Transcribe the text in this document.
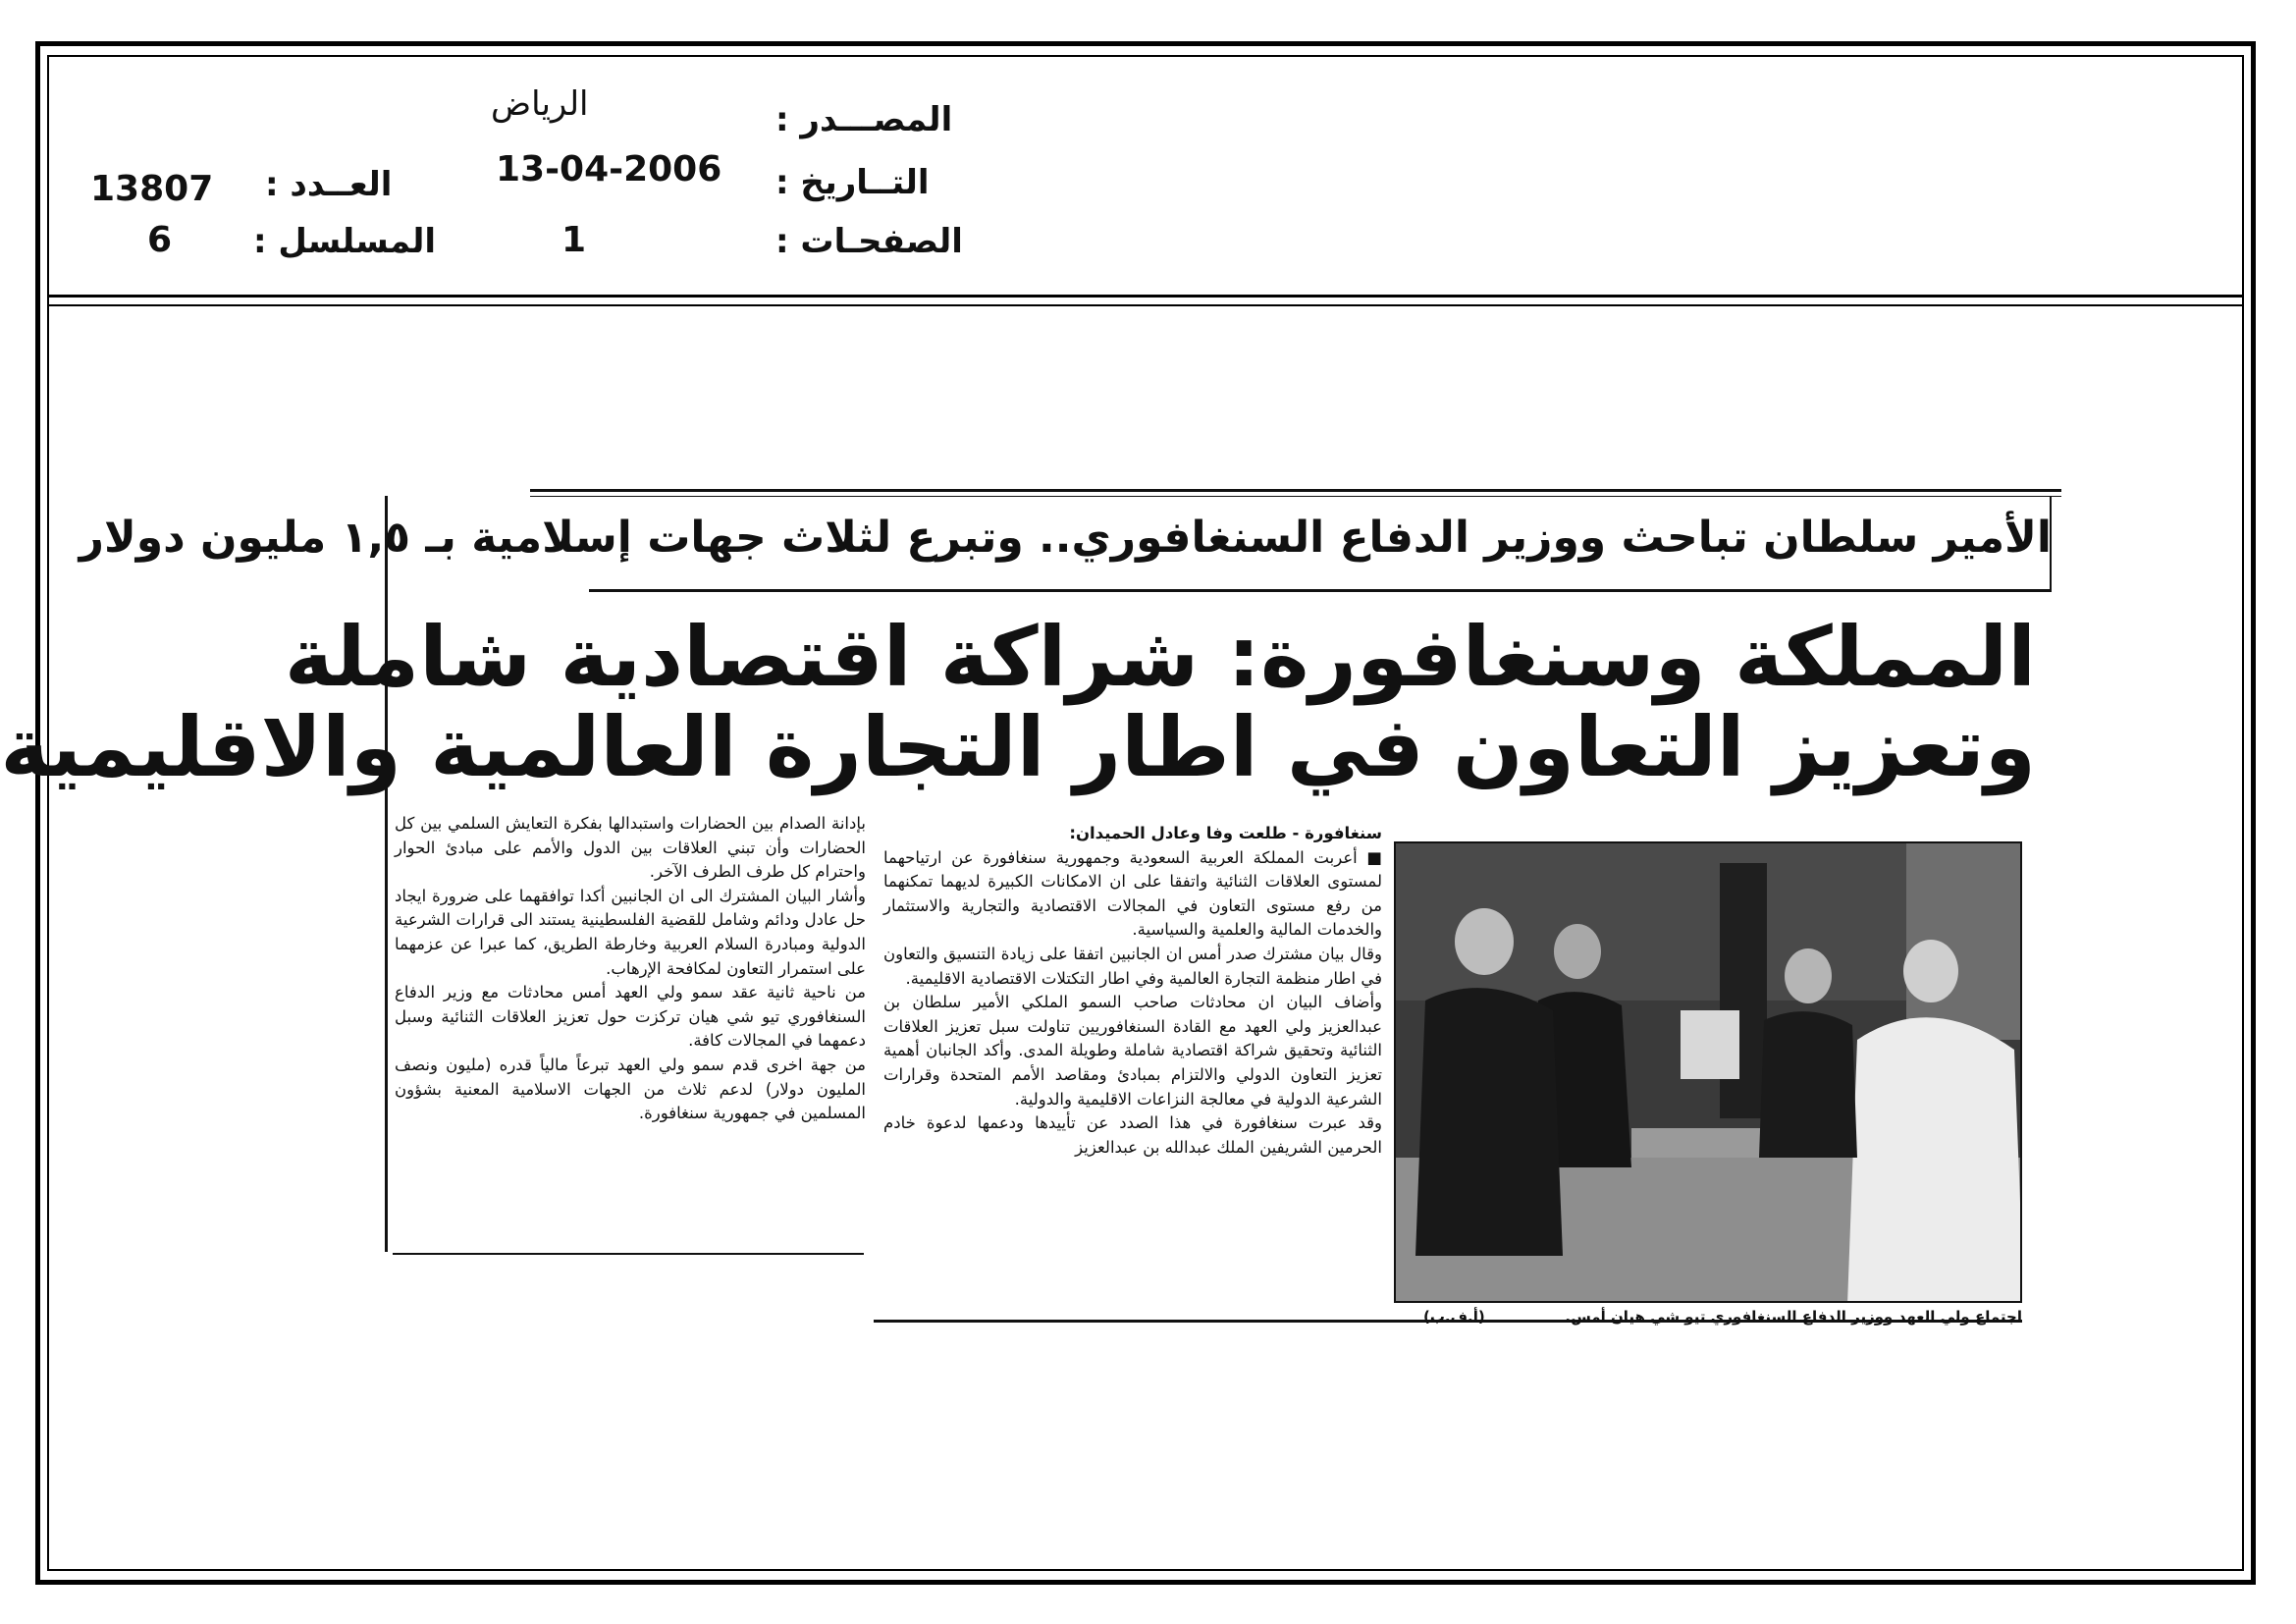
المصـــدر :
الرياض
التــاريخ :
13-04-2006
الصفحـات :
1
العــدد :
13807
المسلسل :
6
الأمير سلطان تباحث ووزير الدفاع السنغافوري.. وتبرع لثلاث جهات إسلامية بـ ١,٥ مليون دولار
المملكة وسنغافورة: شراكة اقتصادية شاملة
وتعزيز التعاون في اطار التجارة العالمية والاقليمية
اجتماع ولي العهد ووزير الدفاع السنغافوري تيو شي هيان أمس.
(أ.ف.ب)

سنغافورة - طلعت وفا وعادل الحميدان:

■ أعربت المملكة العربية السعودية وجمهورية سنغافورة عن ارتياحهما لمستوى العلاقات الثنائية واتفقا على ان الامكانات الكبيرة لديهما تمكنهما من رفع مستوى التعاون في المجالات الاقتصادية والتجارية والاستثمار والخدمات المالية والعلمية والسياسية.

وقال بيان مشترك صدر أمس ان الجانبين اتفقا على زيادة التنسيق والتعاون في اطار منظمة التجارة العالمية وفي اطار التكتلات الاقتصادية الاقليمية.

وأضاف البيان ان محادثات صاحب السمو الملكي الأمير سلطان بن عبدالعزيز ولي العهد مع القادة السنغافوريين تناولت سبل تعزيز العلاقات الثنائية وتحقيق شراكة اقتصادية شاملة وطويلة المدى. وأكد الجانبان أهمية تعزيز التعاون الدولي والالتزام بمبادئ ومقاصد الأمم المتحدة وقرارات الشرعية الدولية في معالجة النزاعات الاقليمية والدولية.

وقد عبرت سنغافورة في هذا الصدد عن تأييدها ودعمها لدعوة خادم الحرمين الشريفين الملك عبدالله بن عبدالعزيز

بإدانة الصدام بين الحضارات واستبدالها بفكرة التعايش السلمي بين كل الحضارات وأن تبني العلاقات بين الدول والأمم على مبادئ الحوار واحترام كل طرف الطرف الآخر.

وأشار البيان المشترك الى ان الجانبين أكدا توافقهما على ضرورة ايجاد حل عادل ودائم وشامل للقضية الفلسطينية يستند الى قرارات الشرعية الدولية ومبادرة السلام العربية وخارطة الطريق، كما عبرا عن عزمهما على استمرار التعاون لمكافحة الإرهاب.

من ناحية ثانية عقد سمو ولي العهد أمس محادثات مع وزير الدفاع السنغافوري تيو شي هيان تركزت حول تعزيز العلاقات الثنائية وسبل دعمهما في المجالات كافة.

من جهة اخرى قدم سمو ولي العهد تبرعاً مالياً قدره (مليون ونصف المليون دولار) لدعم ثلاث من الجهات الاسلامية المعنية بشؤون المسلمين في جمهورية سنغافورة.
